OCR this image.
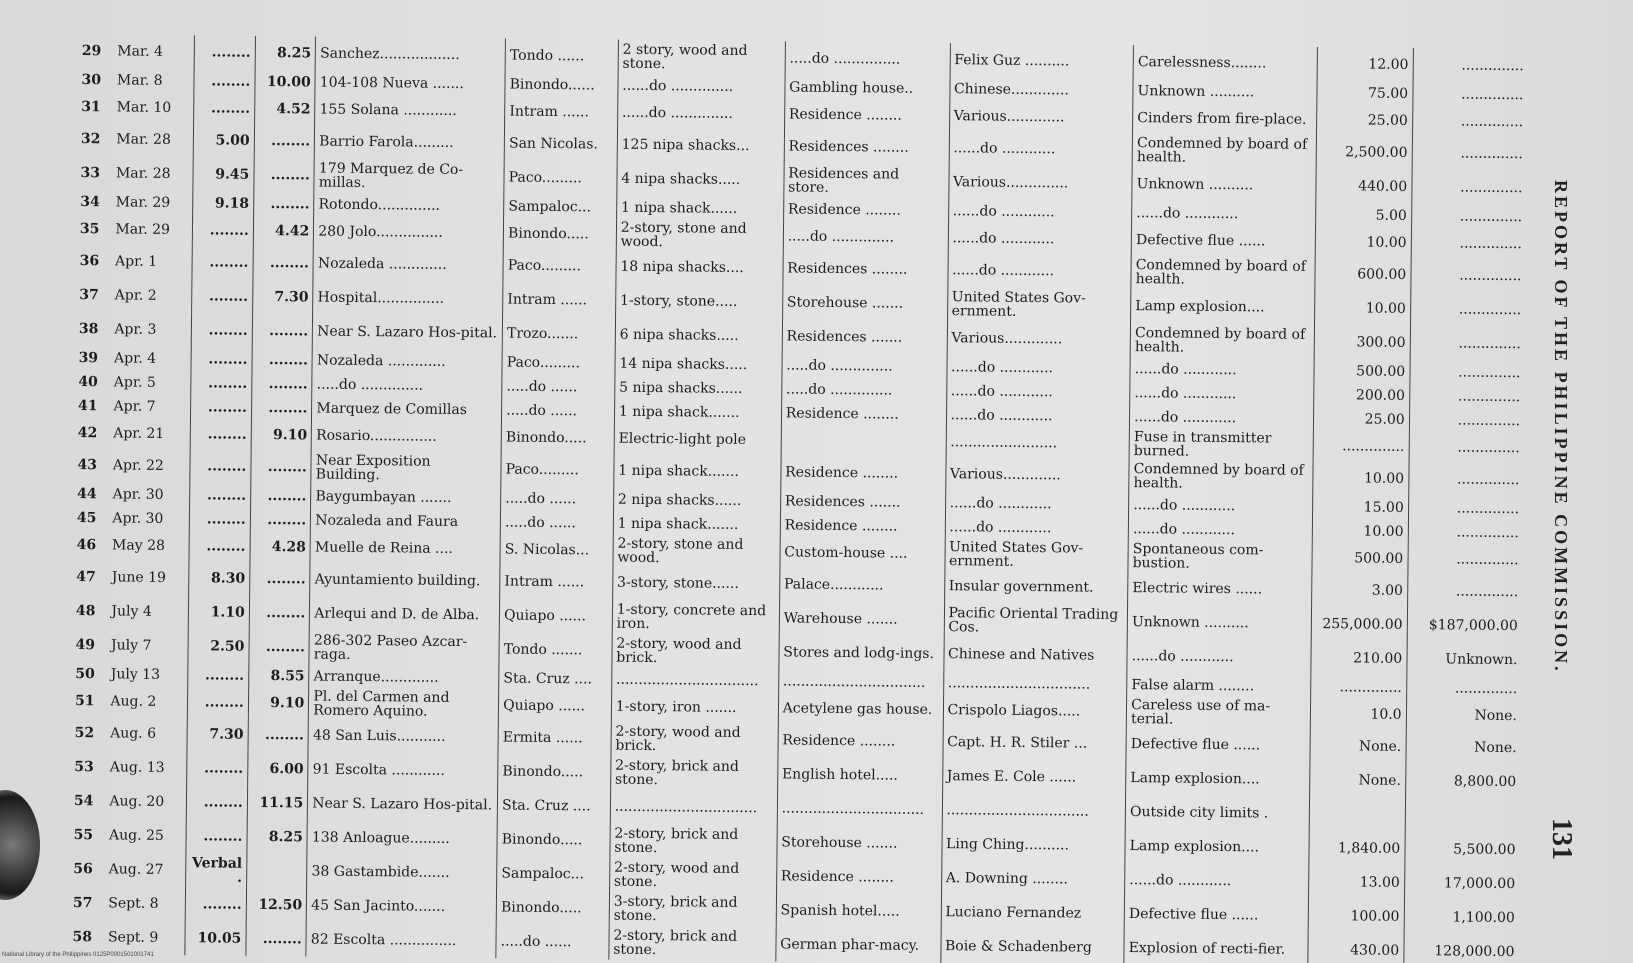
29	Mar. 4	........	8.25	Sanchez..................	Tondo ......	2 story, wood and stone.	.....do ...............	Felix Guz ..........	Carelessness........	12.00	..............
30	Mar. 8	........	10.00	104-108 Nueva .......	Binondo......	......do ..............	Gambling house..	Chinese.............	Unknown ..........	75.00	..............
31	Mar. 10	........	4.52	155 Solana ............	Intram ......	......do ..............	Residence ........	Various.............	Cinders from fire-place.	25.00	..............
32	Mar. 28	5.00	........	Barrio Farola.........	San Nicolas.	125 nipa shacks...	Residences ........	......do ............	Condemned by board of health.	2,500.00	..............
33	Mar. 28	9.45	........	179 Marquez de Co-millas.	Paco.........	4 nipa shacks.....	Residences and store.	Various..............	Unknown ..........	440.00	..............
34	Mar. 29	9.18	........	Rotondo..............	Sampaloc...	1 nipa shack......	Residence ........	......do ............	......do ............	5.00	..............
35	Mar. 29	........	4.42	280 Jolo...............	Binondo.....	2-story, stone and wood.	.....do ..............	......do ............	Defective flue ......	10.00	..............
36	Apr. 1	........	........	Nozaleda .............	Paco.........	18 nipa shacks....	Residences ........	......do ............	Condemned by board of health.	600.00	..............
37	Apr. 2	........	7.30	Hospital...............	Intram ......	1-story, stone.....	Storehouse .......	United States Gov-ernment.	Lamp explosion....	10.00	..............
38	Apr. 3	........	........	Near S. Lazaro Hos-pital.	Trozo.......	6 nipa shacks.....	Residences .......	Various.............	Condemned by board of health.	300.00	..............
39	Apr. 4	........	........	Nozaleda .............	Paco.........	14 nipa shacks.....	.....do ..............	......do ............	......do ............	500.00	..............
40	Apr. 5	........	........	.....do ..............	.....do ......	5 nipa shacks......	.....do ..............	......do ............	......do ............	200.00	..............
41	Apr. 7	........	........	Marquez de Comillas	.....do ......	1 nipa shack.......	Residence ........	......do ............	......do ............	25.00	..............
42	Apr. 21	........	9.10	Rosario...............	Binondo.....	Electric-light pole		........................	Fuse in transmitter burned.	..............	..............
43	Apr. 22	........	........	Near Exposition Building.	Paco.........	1 nipa shack.......	Residence ........	Various.............	Condemned by board of health.	10.00	..............
44	Apr. 30	........	........	Baygumbayan .......	.....do ......	2 nipa shacks......	Residences .......	......do ............	......do ............	15.00	..............
45	Apr. 30	........	........	Nozaleda and Faura	.....do ......	1 nipa shack.......	Residence ........	......do ............	......do ............	10.00	..............
46	May 28	........	4.28	Muelle de Reina ....	S. Nicolas...	2-story, stone and wood.	Custom-house ....	United States Gov-ernment.	Spontaneous com-bustion.	500.00	..............
47	June 19	8.30	........	Ayuntamiento building.	Intram ......	3-story, stone......	Palace............	Insular government.	Electric wires ......	3.00	..............
48	July 4	1.10	........	Arlequi and D. de Alba.	Quiapo ......	1-story, concrete and iron.	Warehouse .......	Pacific Oriental Trading Cos.	Unknown ..........	255,000.00	$187,000.00
49	July 7	2.50	........	286-302 Paseo Azcar-raga.	Tondo .......	2-story, wood and brick.	Stores and lodg-ings.	Chinese and Natives	......do ............	210.00	Unknown.
50	July 13	........	8.55	Arranque.............	Sta. Cruz ....	................................	................................	................................	False alarm ........	..............	..............
51	Aug. 2	........	9.10	Pl. del Carmen and Romero Aquino.	Quiapo ......	1-story, iron .......	Acetylene gas house.	Crispolo Liagos.....	Careless use of ma-terial.	10.0	None.
52	Aug. 6	7.30	........	48 San Luis...........	Ermita ......	2-story, wood and brick.	Residence ........	Capt. H. R. Stiler ...	Defective flue ......	None.	None.
53	Aug. 13	........	6.00	91 Escolta ............	Binondo.....	2-story, brick and stone.	English hotel.....	James E. Cole ......	Lamp explosion....	None.	8,800.00
54	Aug. 20	........	11.15	Near S. Lazaro Hos-pital.	Sta. Cruz ....	................................	................................	................................	Outside city limits .		
55	Aug. 25	........	8.25	138 Anloague.........	Binondo.....	2-story, brick and stone.	Storehouse .......	Ling Ching..........	Lamp explosion....	1,840.00	5,500.00
56	Aug. 27	Verbal.		38 Gastambide.......	Sampaloc...	2-story, wood and stone.	Residence ........	A. Downing ........	......do ............	13.00	17,000.00
57	Sept. 8	........	12.50	45 San Jacinto.......	Binondo.....	3-story, brick and stone.	Spanish hotel.....	Luciano Fernandez	Defective flue ......	100.00	1,100.00
58	Sept. 9	10.05	........	82 Escolta ...............	.....do ......	2-story, brick and stone.	German phar-macy.	Boie & Schadenberg	Explosion of recti-fier.	430.00	128,000.00
REPORT OF THE PHILIPPINE COMMISSION.
131
National Library of the Philippines 0125P0001501001741
